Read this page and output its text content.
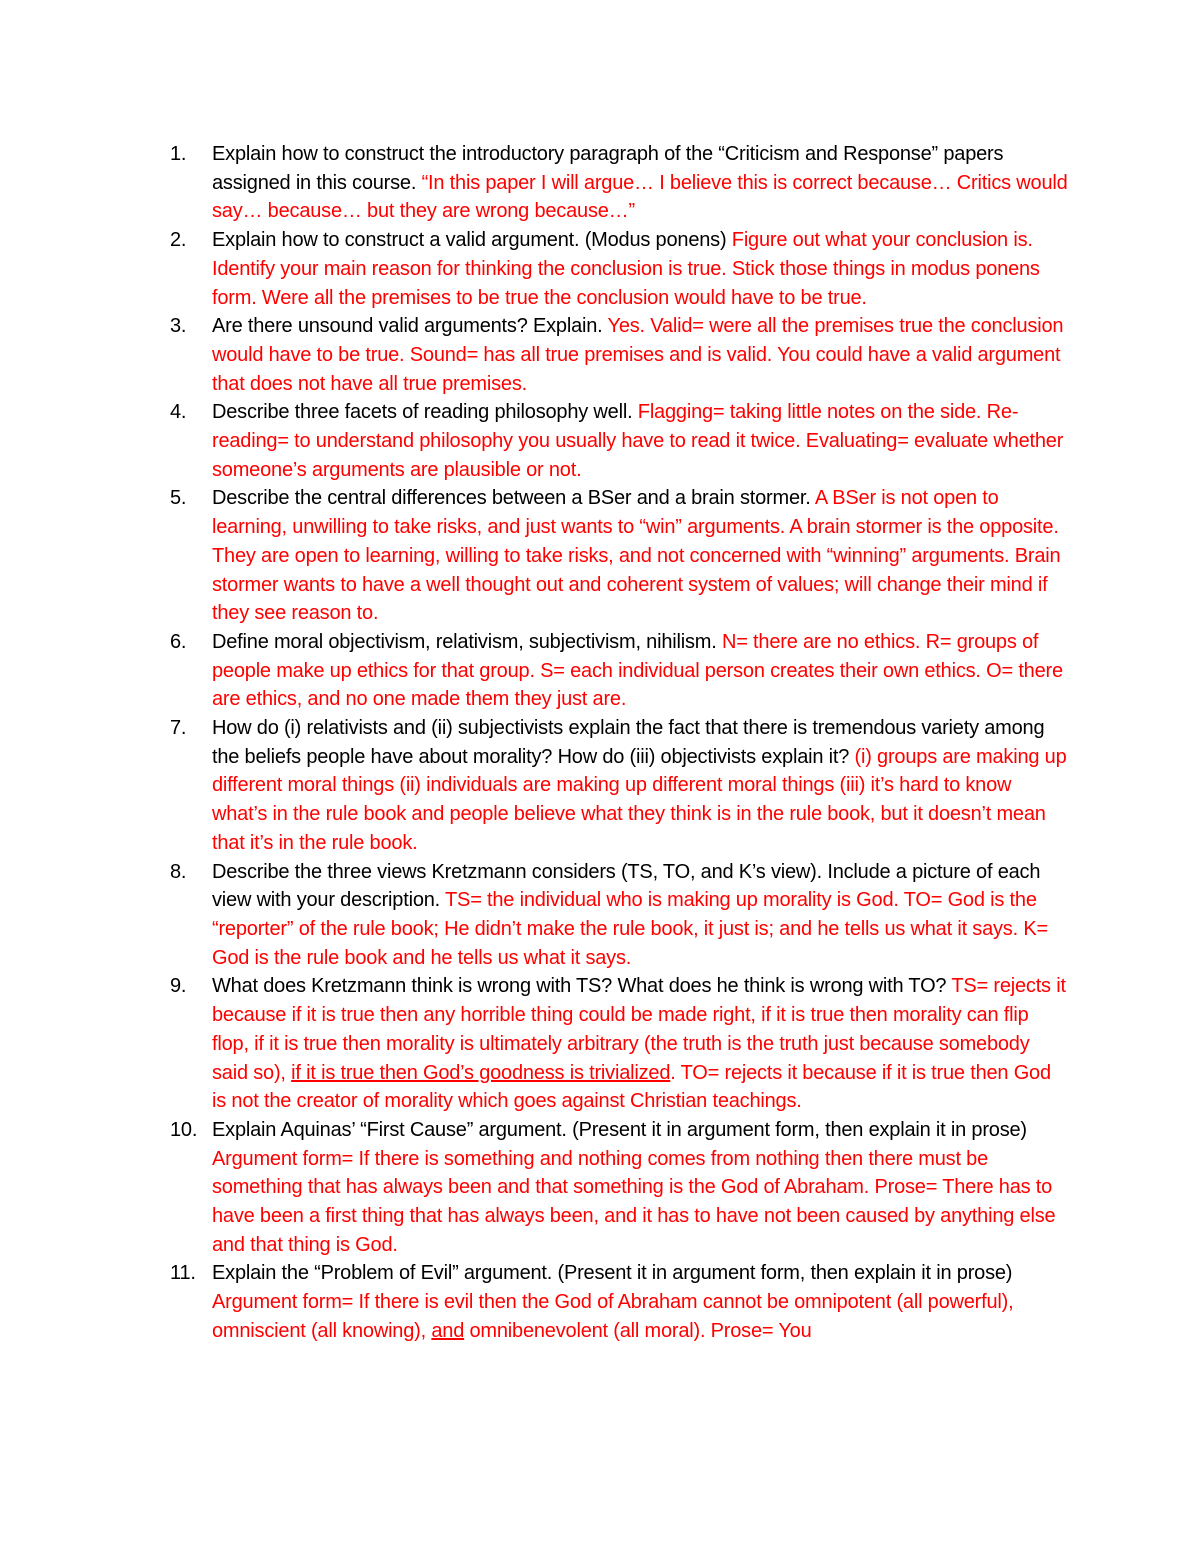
1.	Explain how to construct the introductory paragraph of the “Criticism and Response” papers assigned in this course. “In this paper I will argue… I believe this is correct because… Critics would say… because… but they are wrong because…”
2.	Explain how to construct a valid argument. (Modus ponens) Figure out what your conclusion is. Identify your main reason for thinking the conclusion is true. Stick those things in modus ponens form. Were all the premises to be true the conclusion would have to be true.
3.	Are there unsound valid arguments? Explain. Yes. Valid= were all the premises true the conclusion would have to be true. Sound= has all true premises and is valid. You could have a valid argument that does not have all true premises.
4.	Describe three facets of reading philosophy well. Flagging= taking little notes on the side. Re-reading= to understand philosophy you usually have to read it twice. Evaluating= evaluate whether someone’s arguments are plausible or not.
5.	Describe the central differences between a BSer and a brain stormer. A BSer is not open to learning, unwilling to take risks, and just wants to “win” arguments. A brain stormer is the opposite. They are open to learning, willing to take risks, and not concerned with “winning” arguments. Brain stormer wants to have a well thought out and coherent system of values; will change their mind if they see reason to.
6.	Define moral objectivism, relativism, subjectivism, nihilism. N= there are no ethics. R= groups of people make up ethics for that group. S= each individual person creates their own ethics. O= there are ethics, and no one made them they just are.
7.	How do (i) relativists and (ii) subjectivists explain the fact that there is tremendous variety among the beliefs people have about morality? How do (iii) objectivists explain it? (i) groups are making up different moral things (ii) individuals are making up different moral things (iii) it’s hard to know what’s in the rule book and people believe what they think is in the rule book, but it doesn’t mean that it’s in the rule book.
8.	Describe the three views Kretzmann considers (TS, TO, and K’s view). Include a picture of each view with your description. TS= the individual who is making up morality is God. TO= God is the “reporter” of the rule book; He didn’t make the rule book, it just is; and he tells us what it says. K= God is the rule book and he tells us what it says.
9.	What does Kretzmann think is wrong with TS? What does he think is wrong with TO? TS= rejects it because if it is true then any horrible thing could be made right, if it is true then morality can flip flop, if it is true then morality is ultimately arbitrary (the truth is the truth just because somebody said so), if it is true then God’s goodness is trivialized. TO= rejects it because if it is true then God is not the creator of morality which goes against Christian teachings.
10. Explain Aquinas’ “First Cause” argument. (Present it in argument form, then explain it in prose) Argument form= If there is something and nothing comes from nothing then there must be something that has always been and that something is the God of Abraham. Prose= There has to have been a first thing that has always been, and it has to have not been caused by anything else and that thing is God.
11. Explain the “Problem of Evil” argument. (Present it in argument form, then explain it in prose) Argument form= If there is evil then the God of Abraham cannot be omnipotent (all powerful), omniscient (all knowing), and omnibenevolent (all moral). Prose= You
